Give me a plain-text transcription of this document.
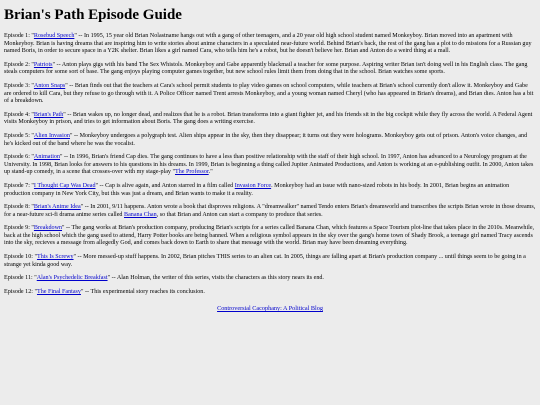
Brian's Path Episode Guide

Episode 1: "Rosebud Speech" -- In 1995, 15 year old Brian Nolastname hangs out with a gang of other teenagers, and a 20 year old high school student named Monkeyboy. Brian moved into an apartment with Monkeyboy. Brian is having dreams that are inspiring him to write stories about anime characters in a speculated near-future world. Behind Brian's back, the rest of the gang has a plot to do missions for a Russian guy named Boris, in order to secure space in a Y2K shelter. Brian likes a girl named Cara, who tells him he's a robot, but he doesn't believe her. Brian and Anton do a weird thing at a mall.

Episode 2: "Patriots" -- Anton plays gigs with his band The Sex Whistols. Monkeyboy and Gabe apparently blackmail a teacher for some purpose. Aspiring writer Brian isn't doing well in his English class. The gang steals computers for some sort of base. The gang enjoys playing computer games together, but new school rules limit them from doing that in the school. Brian watches some sports.

Episode 3: "Anton Snaps" -- Brian finds out that the teachers at Cara's school permit students to play video games on school computers, while teachers at Brian's school currently don't allow it. Monkeyboy and Gabe are ordered to kill Cara, but they refuse to go through with it. A Police Officer named Trent arrests Monkeyboy, and a young woman named Cheryl (who has appeared in Brian's dreams), and Brian dies. Anton has a bit of a breakdown.

Episode 4: "Brian's Path" -- Brian wakes up, no longer dead, and realizes that he is a robot. Brian transforms into a giant fighter jet, and his friends sit in the big cockpit while they fly across the world. A Federal Agent visits Monkeyboy in prison, and tries to get information about Boris. The gang does a writing exercise.

Episode 5: "Alien Invasion" -- Monkeyboy undergoes a polygraph test. Alien ships appear in the sky, then they disappear; it turns out they were holograms. Monkeyboy gets out of prison. Anton's voice changes, and he's kicked out of the band where he was the vocalist.

Episode 6: "Animation" -- In 1996, Brian's friend Cap dies. The gang continues to have a less than positive relationship with the staff of their high school. In 1997, Anton has advanced to a Neurology program at the University. In 1998, Brian looks for answers to his questions in his dreams. In 1999, Brian is beginning a thing called Jupiter Animated Productions, and Anton is working at an e-publishing outfit. In 2000, Anton takes up stand-up comedy, in a scene that crosses-over with my stage-play "The Professor."

Episode 7: "I Thought Cap Was Dead" -- Cap is alive again, and Anton starred in a film called Invasion Force. Monkeyboy had an issue with nano-sized robots in his body. In 2001, Brian begins an animation production company in New York City, but this was just a dream, and Brian wants to make it a reality.

Episode 8: "Brian's Anime Idea" -- In 2001, 9/11 happens. Anton wrote a book that disproves religions. A "dreamwalker" named Tendo enters Brian's dreamworld and transcribes the scripts Brian wrote in those dreams, for a near-future sci-fi drama anime series called Banana Chan, so that Brian and Anton can start a company to produce that series.

Episode 9: "Breakdown" -- The gang works at Brian's production company, producing Brian's scripts for a series called Banana Chan, which features a Space Tourism plot-line that takes place in the 2010s. Meanwhile, back at the high school which the gang used to attend, Harry Potter books are being banned. When a religious symbol appears in the sky over the gang's home town of Shady Brook, a teenage girl named Tracy ascends into the sky, recieves a message from allegedly God, and comes back down to Earth to share that message with the world. Brian may have been dreaming everything.

Episode 10: "This Is Screwy" -- More messed-up stuff happens. In 2002, Brian pitches THIS series to an alien cat. In 2005, things are falling apart at Brian's production company ... until things seem to be going in a strange yet kinda good way.

Episode 11: "Alan's Psychedelic Breakfast" -- Alan Holman, the writer of this series, visits the characters as this story nears its end.

Episode 12: "The Final Fantasy" -- This experimental story reaches its conclusion.

Controversial Cacophany: A Political Blog
